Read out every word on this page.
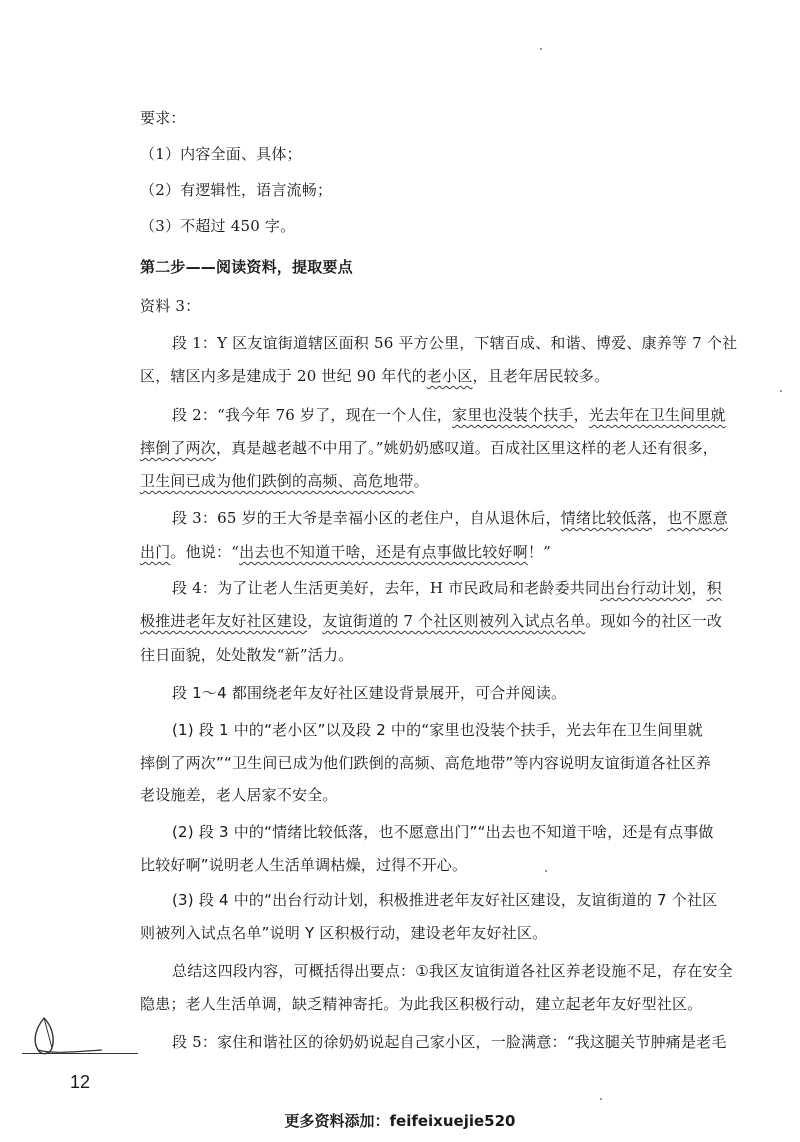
要求：
（1）内容全面、具体；
（2）有逻辑性，语言流畅；
（3）不超过 450 字。
第二步——阅读资料，提取要点
资料 3：
段 1：Y 区友谊街道辖区面积 56 平方公里，下辖百成、和谐、博爱、康养等 7 个社
区，辖区内多是建成于 20 世纪 90 年代的老小区，且老年居民较多。
段 2：“我今年 76 岁了，现在一个人住，家里也没装个扶手，光去年在卫生间里就
摔倒了两次，真是越老越不中用了。”姚奶奶感叹道。百成社区里这样的老人还有很多，
卫生间已成为他们跌倒的高频、高危地带。
段 3：65 岁的王大爷是幸福小区的老住户，自从退休后，情绪比较低落，也不愿意
出门。他说：“出去也不知道干啥，还是有点事做比较好啊！”
段 4：为了让老人生活更美好，去年，H 市民政局和老龄委共同出台行动计划，积
极推进老年友好社区建设，友谊街道的 7 个社区则被列入试点名单。现如今的社区一改
往日面貌，处处散发“新”活力。
段 1～4 都围绕老年友好社区建设背景展开，可合并阅读。
(1) 段 1 中的“老小区”以及段 2 中的“家里也没装个扶手，光去年在卫生间里就
摔倒了两次”“卫生间已成为他们跌倒的高频、高危地带”等内容说明友谊街道各社区养
老设施差，老人居家不安全。
(2) 段 3 中的“情绪比较低落，也不愿意出门”“出去也不知道干啥，还是有点事做
比较好啊”说明老人生活单调枯燥，过得不开心。
(3) 段 4 中的“出台行动计划，积极推进老年友好社区建设，友谊街道的 7 个社区
则被列入试点名单”说明 Y 区积极行动，建设老年友好社区。
总结这四段内容，可概括得出要点：①我区友谊街道各社区养老设施不足，存在安全
隐患；老人生活单调，缺乏精神寄托。为此我区积极行动，建立起老年友好型社区。
段 5：家住和谐社区的徐奶奶说起自己家小区，一脸满意：“我这腿关节肿痛是老毛
12
更多资料添加：feifeixuejie520
